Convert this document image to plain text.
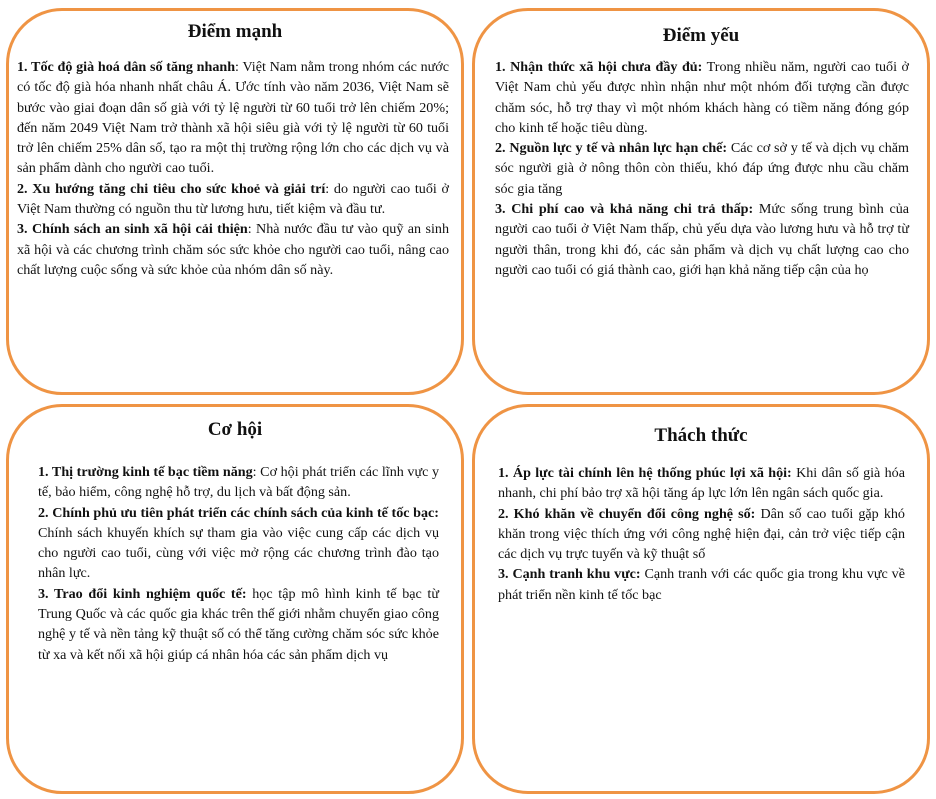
Điểm mạnh

1. Tốc độ già hoá dân số tăng nhanh: Việt Nam nằm trong nhóm các nước có tốc độ già hóa nhanh nhất châu Á. Ước tính vào năm 2036, Việt Nam sẽ bước vào giai đoạn dân số già với tỷ lệ người từ 60 tuổi trở lên chiếm 20%; đến năm 2049 Việt Nam trở thành xã hội siêu già với tỷ lệ người từ 60 tuổi trở lên chiếm 25% dân số, tạo ra một thị trường rộng lớn cho các dịch vụ và sản phẩm dành cho người cao tuổi.

2. Xu hướng tăng chi tiêu cho sức khoẻ và giải trí: do người cao tuổi ở Việt Nam thường có nguồn thu từ lương hưu, tiết kiệm và đầu tư.

3. Chính sách an sinh xã hội cải thiện: Nhà nước đầu tư vào quỹ an sinh xã hội và các chương trình chăm sóc sức khỏe cho người cao tuổi, nâng cao chất lượng cuộc sống và sức khỏe của nhóm dân số này.

Điểm yếu

1. Nhận thức xã hội chưa đầy đủ: Trong nhiều năm, người cao tuổi ở Việt Nam chủ yếu được nhìn nhận như một nhóm đối tượng cần được chăm sóc, hỗ trợ thay vì một nhóm khách hàng có tiềm năng đóng góp cho kinh tế hoặc tiêu dùng.

2. Nguồn lực y tế và nhân lực hạn chế: Các cơ sở y tế và dịch vụ chăm sóc người già ở nông thôn còn thiếu, khó đáp ứng được nhu cầu chăm sóc gia tăng

3. Chi phí cao và khả năng chi trả thấp: Mức sống trung bình của người cao tuổi ở Việt Nam thấp, chủ yếu dựa vào lương hưu và hỗ trợ từ người thân, trong khi đó, các sản phẩm và dịch vụ chất lượng cao cho người cao tuổi có giá thành cao, giới hạn khả năng tiếp cận của họ

Cơ hội

1. Thị trường kinh tế bạc tiềm năng: Cơ hội phát triển các lĩnh vực y tế, bảo hiểm, công nghệ hỗ trợ, du lịch và bất động sản.

2. Chính phủ ưu tiên phát triển các chính sách của kinh tế tốc bạc: Chính sách khuyến khích sự tham gia vào việc cung cấp các dịch vụ cho người cao tuổi, cùng với việc mở rộng các chương trình đào tạo nhân lực.

3. Trao đổi kinh nghiệm quốc tế: học tập mô hình kinh tế bạc từ Trung Quốc và các quốc gia khác trên thế giới nhằm chuyển giao công nghệ y tế và nền tảng kỹ thuật số có thể tăng cường chăm sóc sức khỏe từ xa và kết nối xã hội giúp cá nhân hóa các sản phẩm dịch vụ

Thách thức

1. Áp lực tài chính lên hệ thống phúc lợi xã hội: Khi dân số già hóa nhanh, chi phí bảo trợ xã hội tăng áp lực lớn lên ngân sách quốc gia.

2. Khó khăn về chuyển đổi công nghệ số: Dân số cao tuổi gặp khó khăn trong việc thích ứng với công nghệ hiện đại, cản trở việc tiếp cận các dịch vụ trực tuyến và kỹ thuật số

3. Cạnh tranh khu vực: Cạnh tranh với các quốc gia trong khu vực về phát triển nền kinh tế tốc bạc
